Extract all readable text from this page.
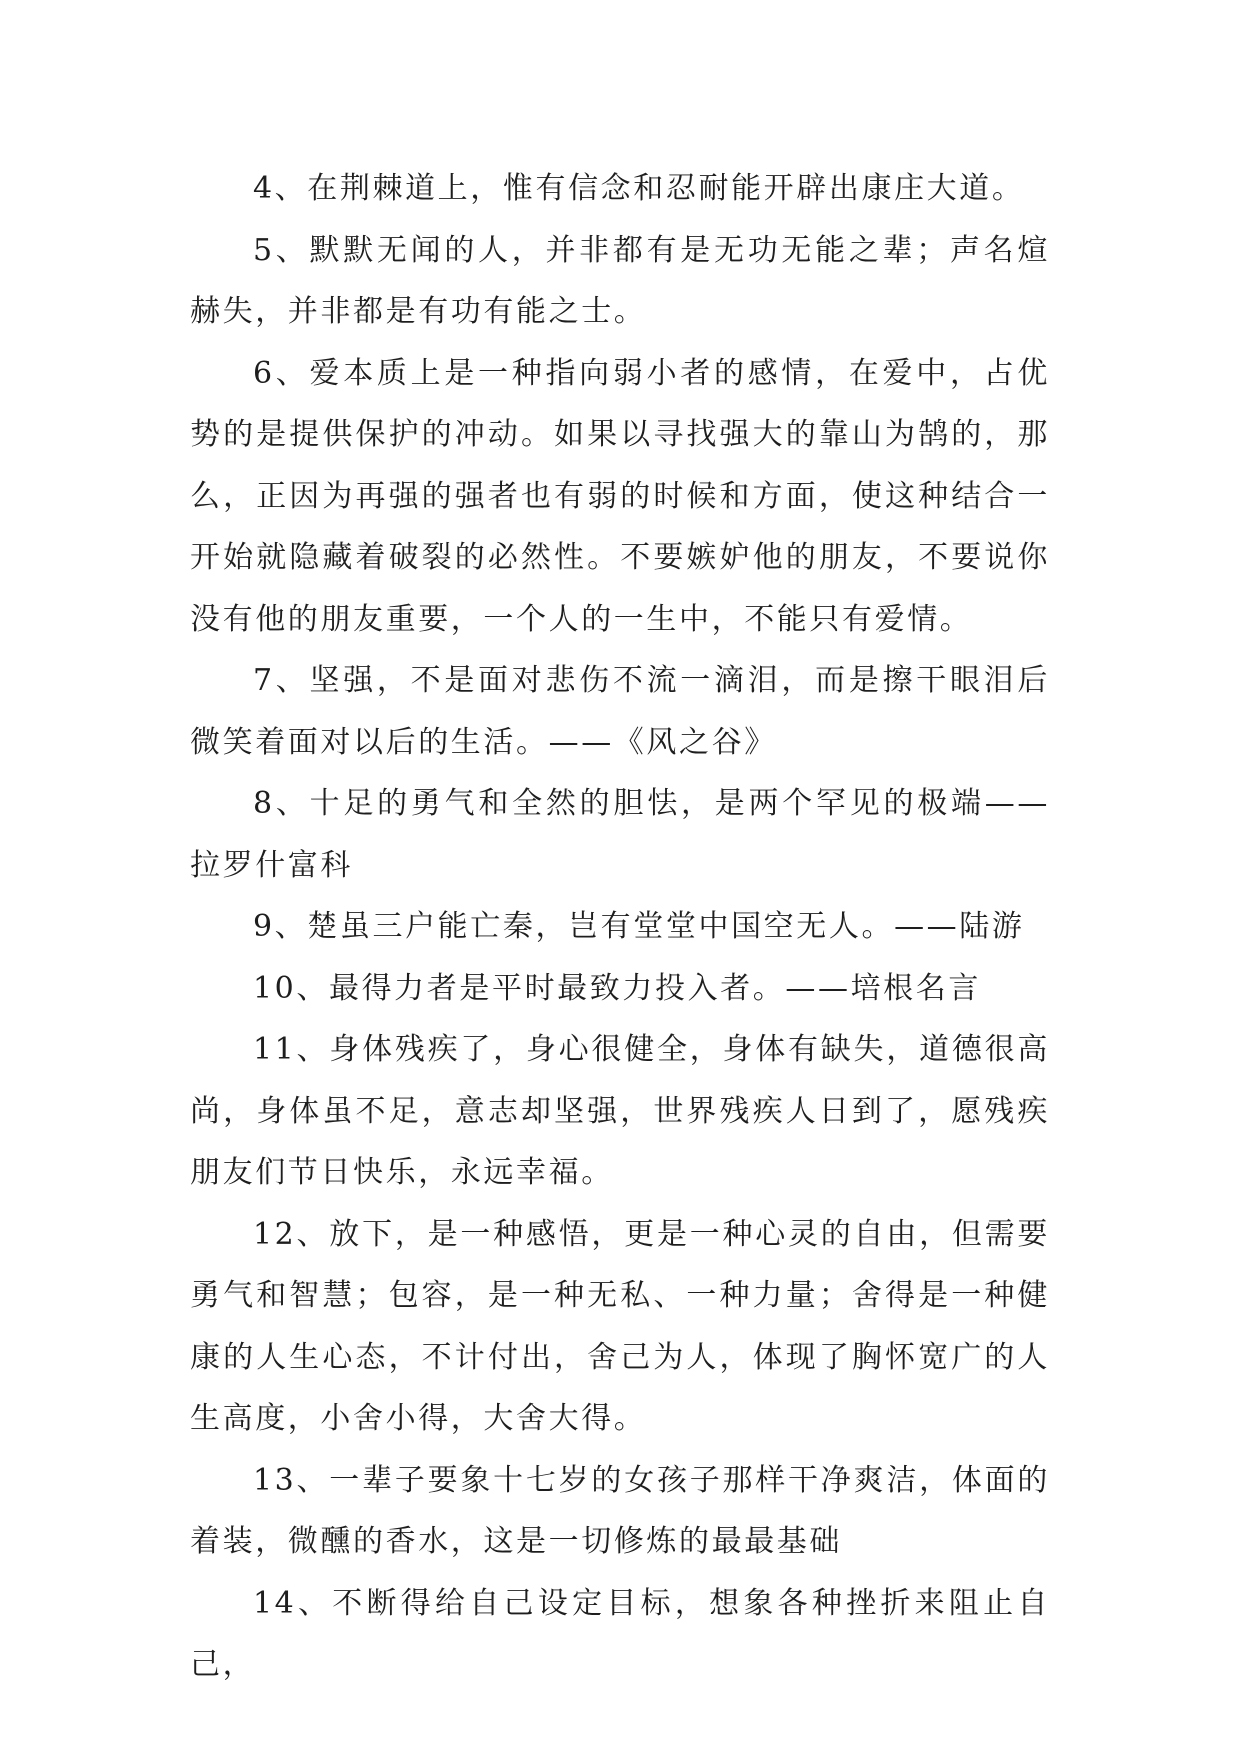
4、在荆棘道上，惟有信念和忍耐能开辟出康庄大道。

5、默默无闻的人，并非都有是无功无能之辈；声名煊赫失，并非都是有功有能之士。

6、爱本质上是一种指向弱小者的感情，在爱中，占优势的是提供保护的冲动。如果以寻找强大的靠山为鹄的，那么，正因为再强的强者也有弱的时候和方面，使这种结合一开始就隐藏着破裂的必然性。不要嫉妒他的朋友，不要说你没有他的朋友重要，一个人的一生中，不能只有爱情。

7、坚强，不是面对悲伤不流一滴泪，而是擦干眼泪后微笑着面对以后的生活。——《风之谷》

8、十足的勇气和全然的胆怯，是两个罕见的极端——拉罗什富科

9、楚虽三户能亡秦，岂有堂堂中国空无人。——陆游

10、最得力者是平时最致力投入者。——培根名言

11、身体残疾了，身心很健全，身体有缺失，道德很高尚，身体虽不足，意志却坚强，世界残疾人日到了，愿残疾朋友们节日快乐，永远幸福。

12、放下，是一种感悟，更是一种心灵的自由，但需要勇气和智慧；包容，是一种无私、一种力量；舍得是一种健康的人生心态，不计付出，舍己为人，体现了胸怀宽广的人生高度，小舍小得，大舍大得。

13、一辈子要象十七岁的女孩子那样干净爽洁，体面的着装，微醺的香水，这是一切修炼的最最基础

14、不断得给自己设定目标，想象各种挫折来阻止自己，
